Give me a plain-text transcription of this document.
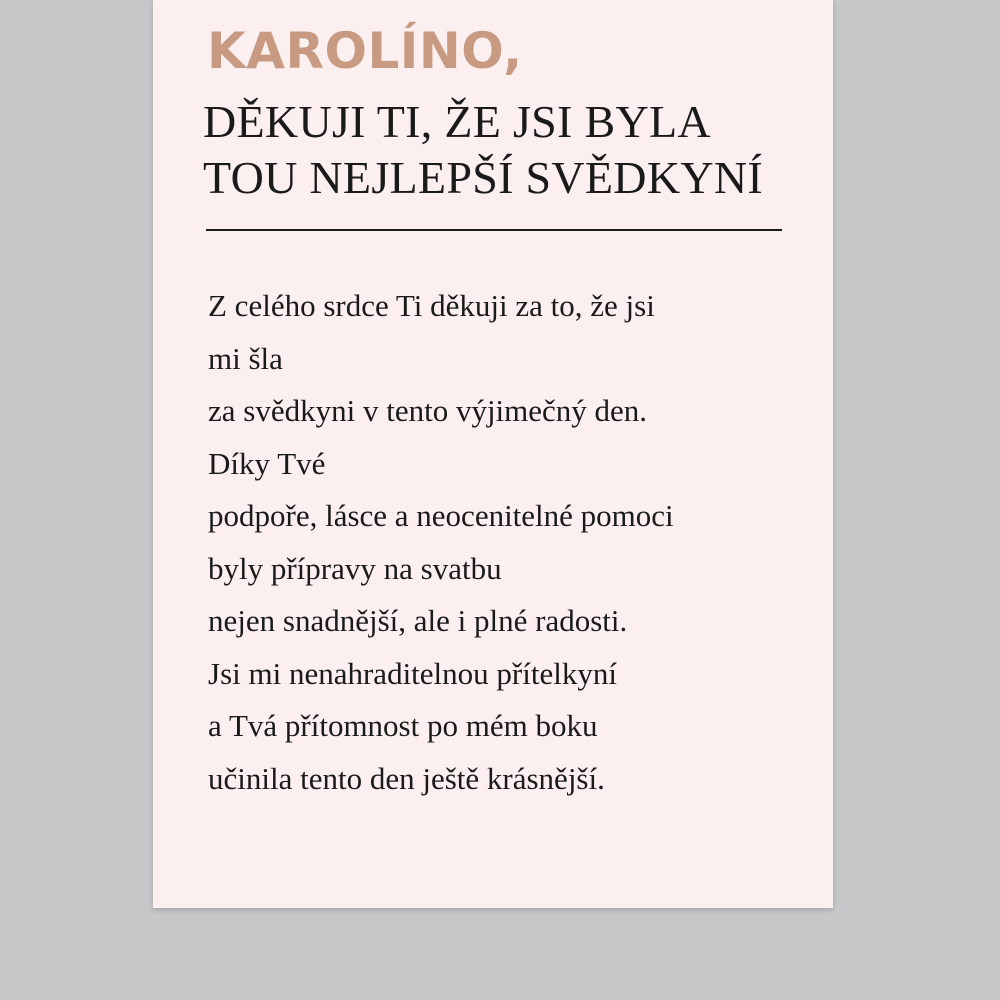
KAROLÍNO,
DĚKUJI TI, ŽE JSI BYLA
TOU NEJLEPŠÍ SVĚDKYNÍ
Z celého srdce Ti děkuji za to, že jsi
mi šla
za svědkyni v tento výjimečný den.
Díky Tvé
podpoře, lásce a neocenitelné pomoci
byly přípravy na svatbu
nejen snadnější, ale i plné radosti.
Jsi mi nenahraditelnou přítelkyní
a Tvá přítomnost po mém boku
učinila tento den ještě krásnější.
